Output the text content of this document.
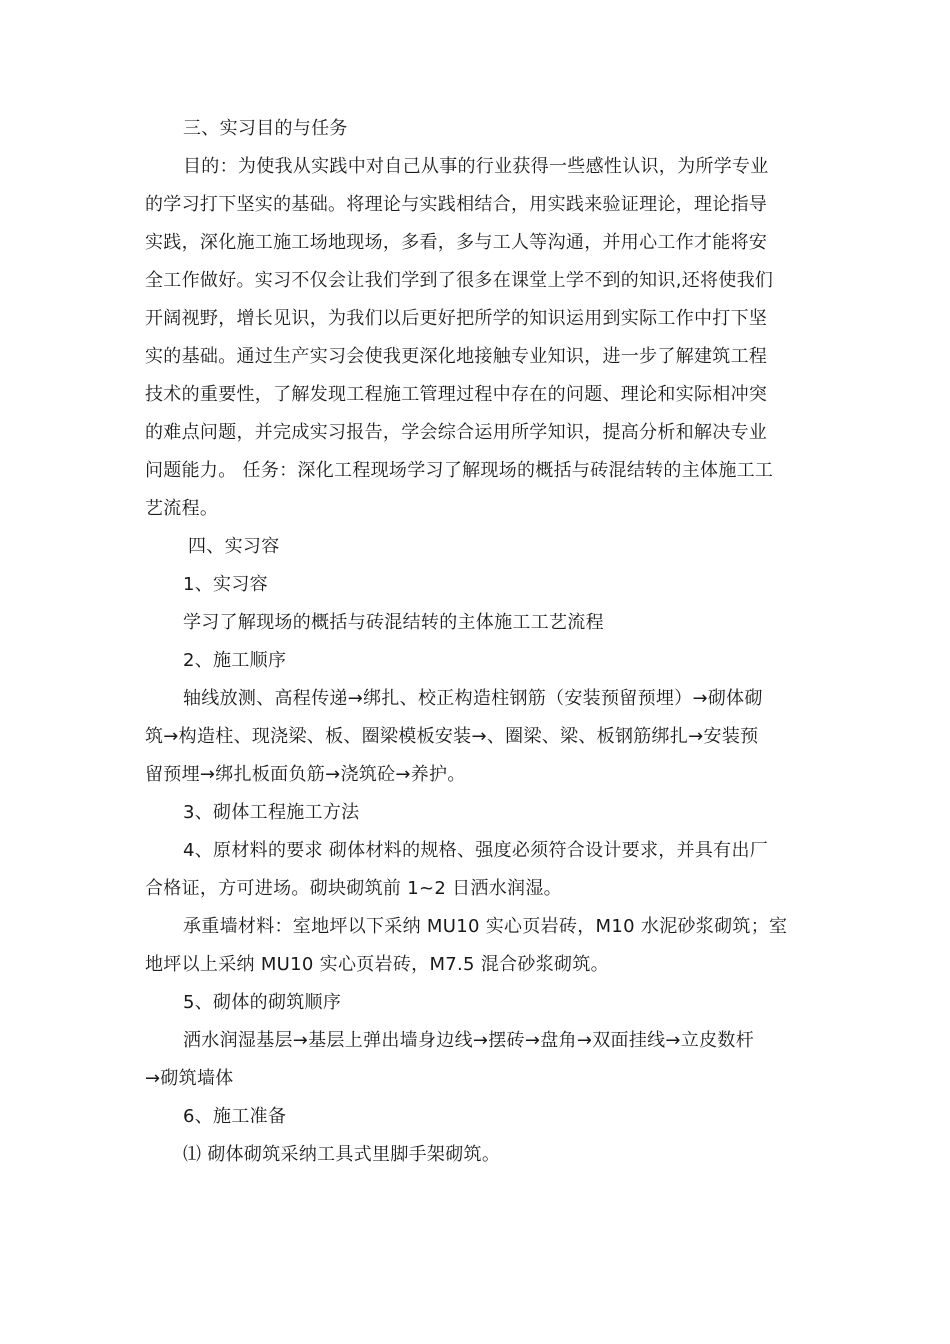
三、实习目的与任务
目的：为使我从实践中对自己从事的行业获得一些感性认识，为所学专业
的学习打下坚实的基础。将理论与实践相结合，用实践来验证理论，理论指导
实践，深化施工施工场地现场，多看，多与工人等沟通，并用心工作才能将安
全工作做好。实习不仅会让我们学到了很多在课堂上学不到的知识,还将使我们
开阔视野，增长见识，为我们以后更好把所学的知识运用到实际工作中打下坚
实的基础。通过生产实习会使我更深化地接触专业知识，进一步了解建筑工程
技术的重要性，了解发现工程施工管理过程中存在的问题、理论和实际相冲突
的难点问题，并完成实习报告，学会综合运用所学知识，提高分析和解决专业
问题能力。 任务：深化工程现场学习了解现场的概括与砖混结转的主体施工工
艺流程。
四、实习容
1、实习容
学习了解现场的概括与砖混结转的主体施工工艺流程
2、施工顺序
轴线放测、高程传递→绑扎、校正构造柱钢筋（安装预留预埋）→砌体砌
筑→构造柱、现浇梁、板、圈梁模板安装→、圈梁、梁、板钢筋绑扎→安装预
留预埋→绑扎板面负筋→浇筑砼→养护。
3、砌体工程施工方法
4、原材料的要求 砌体材料的规格、强度必须符合设计要求，并具有出厂
合格证，方可进场。砌块砌筑前 1~2 日洒水润湿。
承重墙材料：室地坪以下采纳 MU10 实心页岩砖，M10 水泥砂浆砌筑；室
地坪以上采纳 MU10 实心页岩砖，M7.5 混合砂浆砌筑。
5、砌体的砌筑顺序
洒水润湿基层→基层上弹出墙身边线→摆砖→盘角→双面挂线→立皮数杆
→砌筑墙体
6、施工准备
⑴ 砌体砌筑采纳工具式里脚手架砌筑。
